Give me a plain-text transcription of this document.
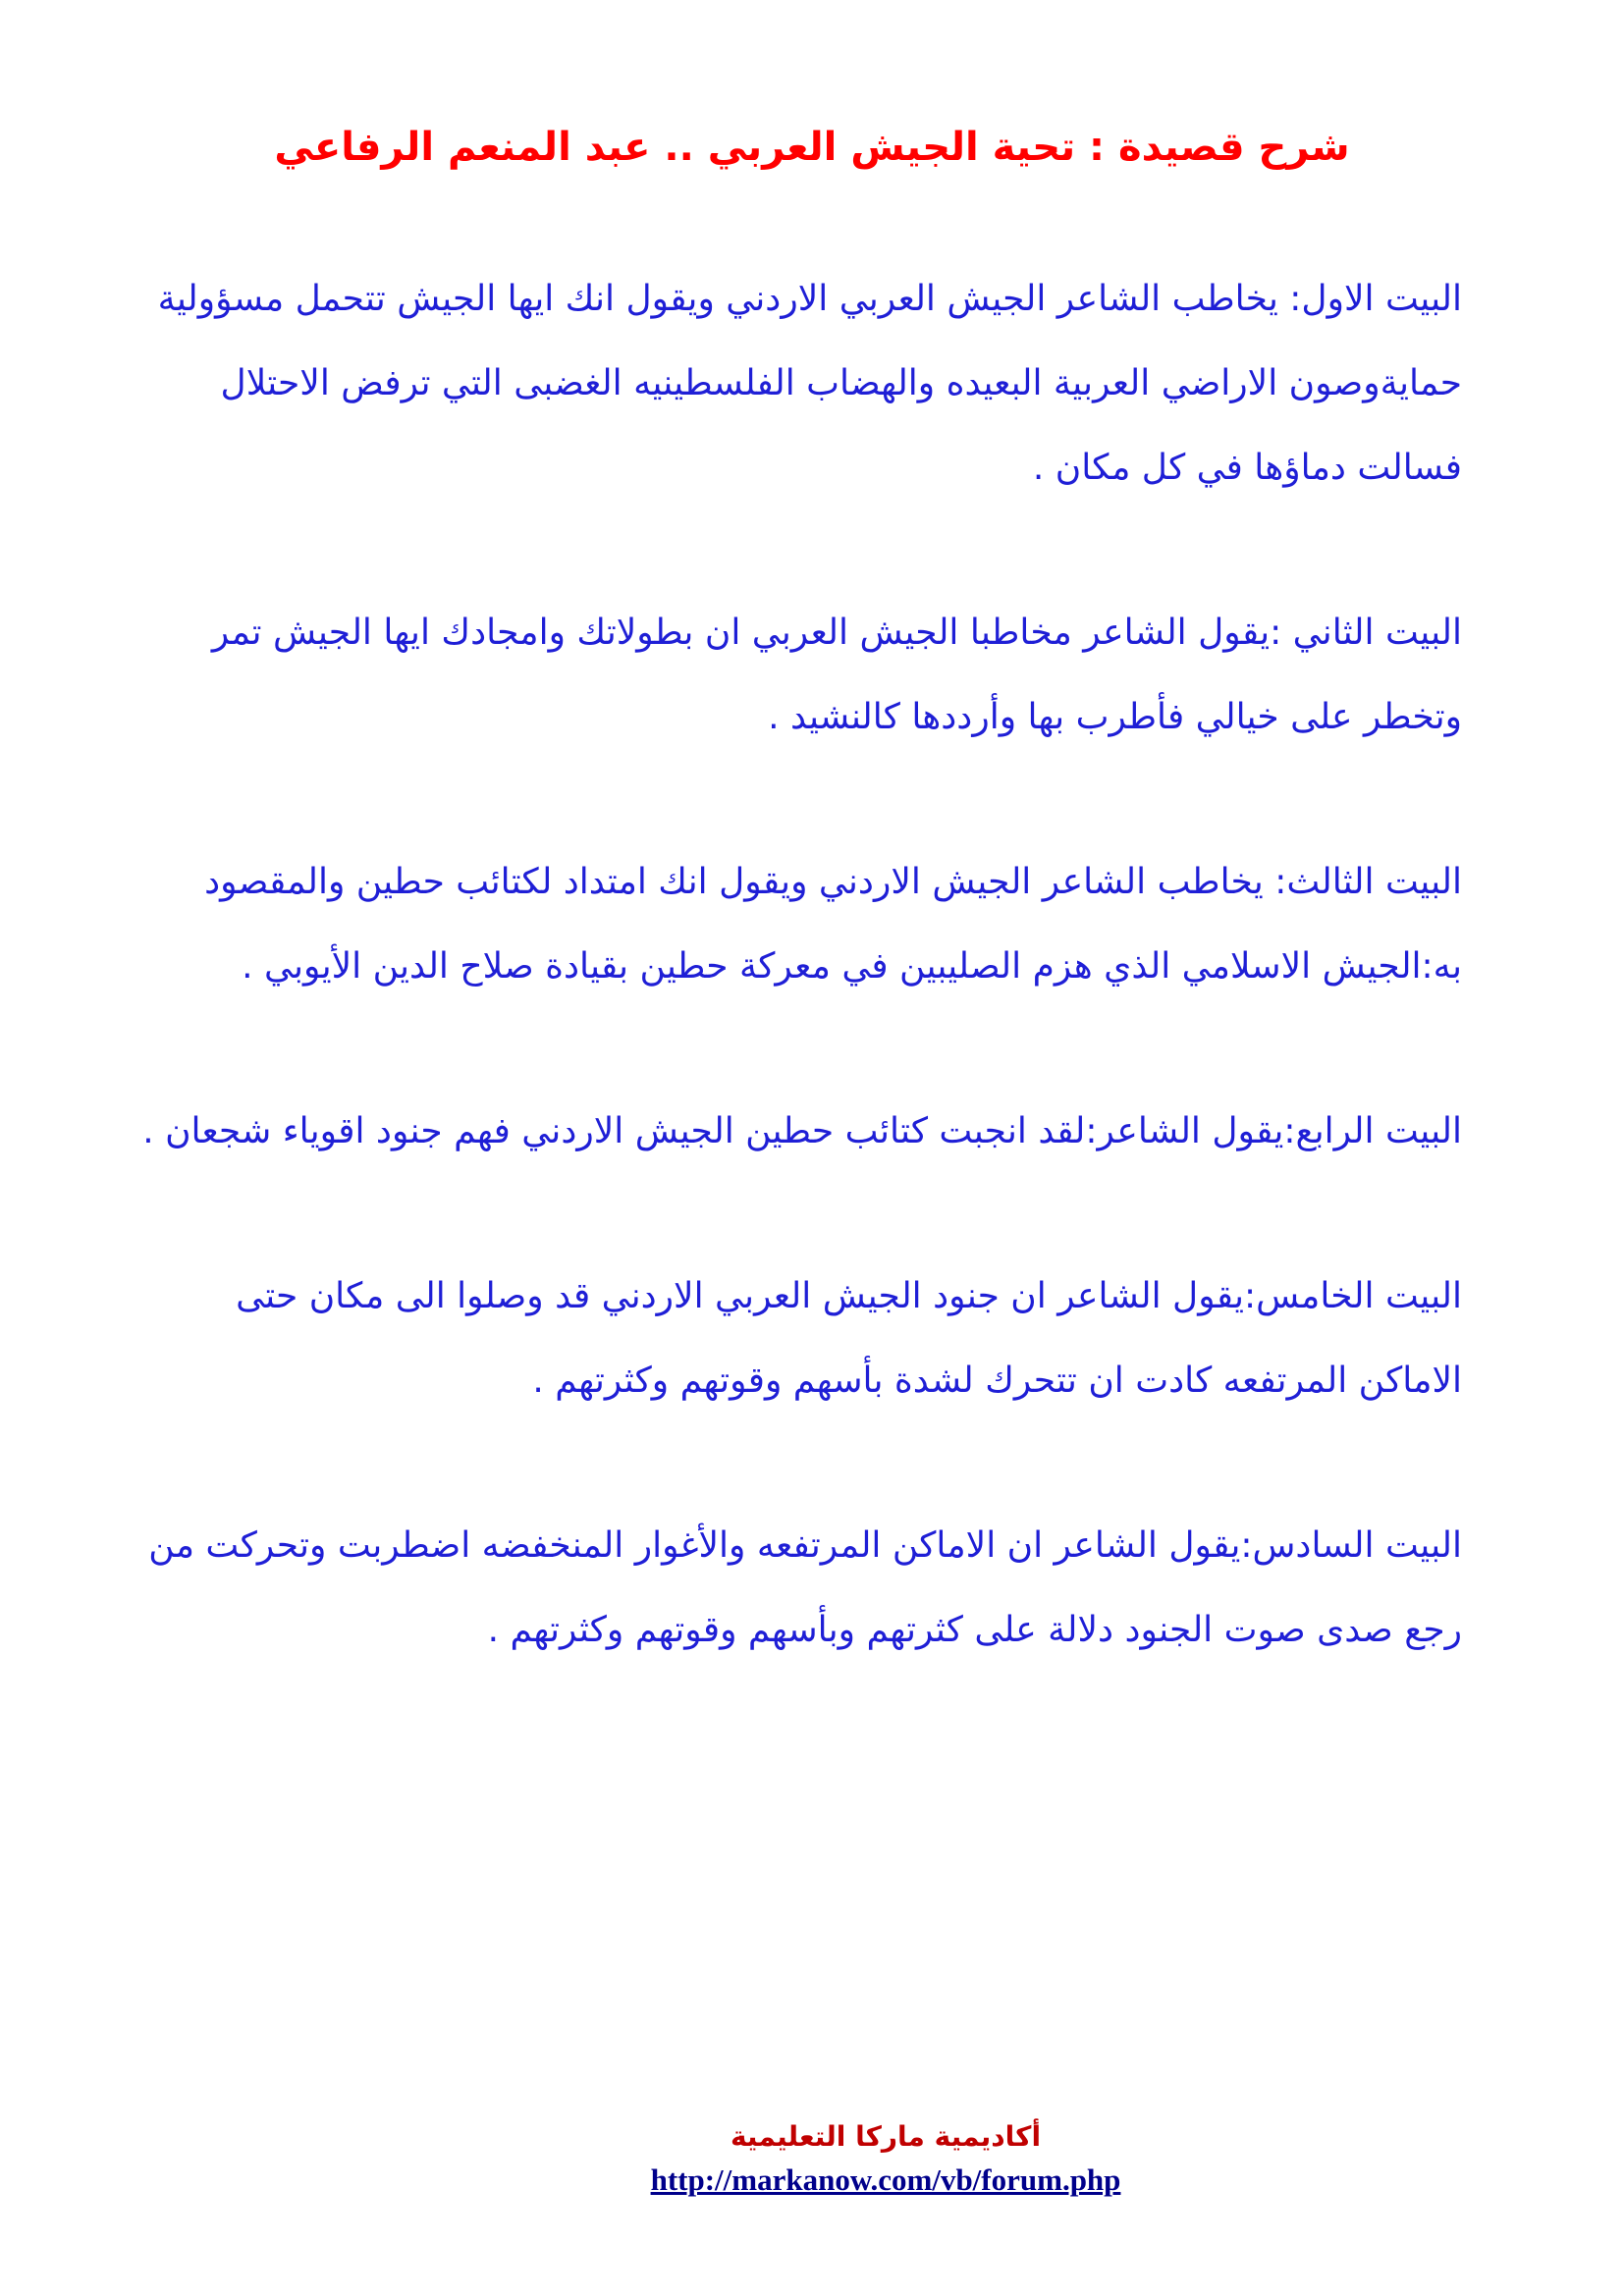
شرح قصيدة : تحية الجيش العربي .. عبد المنعم الرفاعي

البيت الاول: يخاطب الشاعر الجيش العربي الاردني ويقول انك ايها الجيش تتحمل مسؤولية حمايةوصون الاراضي العربية البعيده والهضاب الفلسطينيه الغضبى التي ترفض الاحتلال فسالت دماؤها في كل مكان .

البيت الثاني :يقول الشاعر مخاطبا الجيش العربي ان بطولاتك وامجادك ايها الجيش تمر وتخطر على خيالي فأطرب بها وأرددها كالنشيد .

البيت الثالث: يخاطب الشاعر الجيش الاردني ويقول انك امتداد لكتائب حطين والمقصود به:الجيش الاسلامي الذي هزم الصليبين في معركة حطين بقيادة صلاح الدين الأيوبي .

البيت الرابع:يقول الشاعر:لقد انجبت كتائب حطين الجيش الاردني فهم جنود اقوياء شجعان .

البيت الخامس:يقول الشاعر ان جنود الجيش العربي الاردني قد وصلوا الى مكان حتى الاماكن المرتفعه كادت ان تتحرك لشدة بأسهم وقوتهم وكثرتهم .

البيت السادس:يقول الشاعر ان الاماكن المرتفعه والأغوار المنخفضه اضطربت وتحركت من رجع صدى صوت الجنود دلالة على كثرتهم وبأسهم وقوتهم وكثرتهم .

أكاديمية ماركا التعليمية

http://markanow.com/vb/forum.php
